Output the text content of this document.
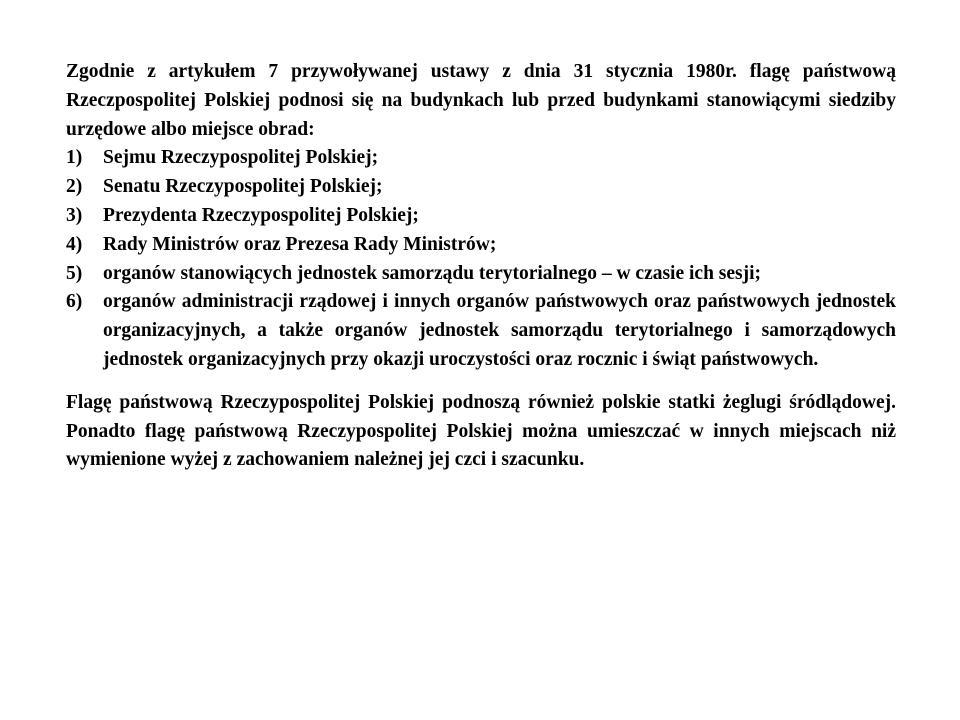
Zgodnie z artykułem 7 przywoływanej ustawy z dnia 31 stycznia 1980r. flagę państwową Rzeczpospolitej Polskiej podnosi się na budynkach lub przed budynkami stanowiącymi siedziby urzędowe albo miejsce obrad:

1)	Sejmu Rzeczypospolitej Polskiej;
2)	Senatu Rzeczypospolitej Polskiej;
3)	Prezydenta Rzeczypospolitej Polskiej;
4)	Rady Ministrów oraz Prezesa Rady Ministrów;
5)	organów stanowiących jednostek samorządu terytorialnego – w czasie ich sesji;
6)	organów administracji rządowej i innych organów państwowych oraz państwowych jednostek organizacyjnych, a także organów jednostek samorządu terytorialnego i samorządowych jednostek organizacyjnych przy okazji uroczystości oraz rocznic i świąt państwowych.

Flagę państwową Rzeczypospolitej Polskiej podnoszą również polskie statki żeglugi śródlądowej. Ponadto flagę państwową Rzeczypospolitej Polskiej można umieszczać w innych miejscach niż wymienione wyżej z zachowaniem należnej jej czci i szacunku.
